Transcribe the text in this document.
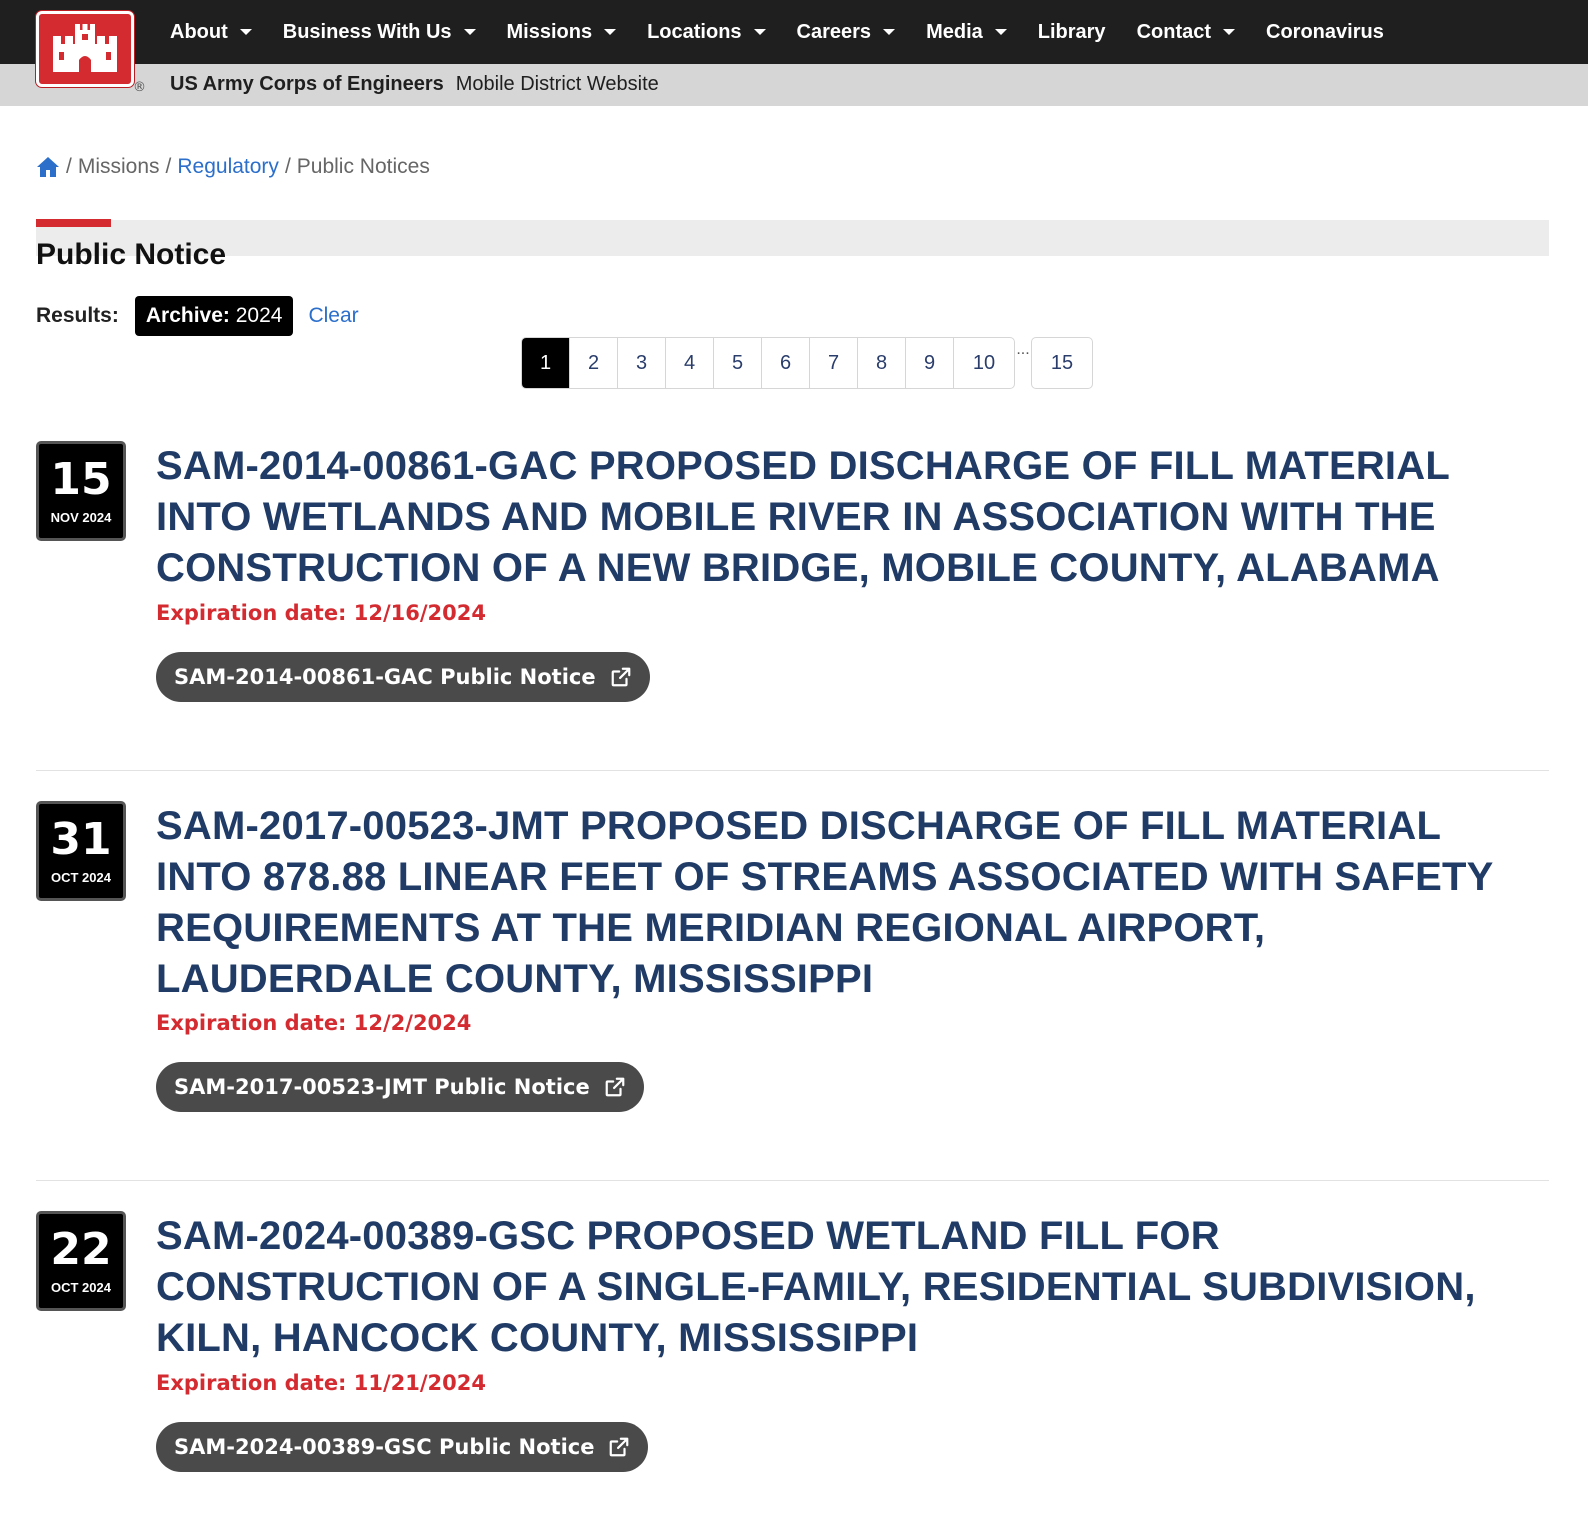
®
About	Business With Us	Missions	Locations	Careers	Media	Library Contact	Coronavirus
US Army Corps of Engineers Mobile District Website
/ Missions / Regulatory / Public Notices
Public Notice
Results:	Archive: 2024	Clear
1	2	3	4	5	6	7	8	9	10
...
15
15
NOV 2024
SAM-2014-00861-GAC PROPOSED DISCHARGE OF FILL MATERIAL INTO WETLANDS AND MOBILE RIVER IN ASSOCIATION WITH THE CONSTRUCTION OF A NEW BRIDGE, MOBILE COUNTY, ALABAMA
Expiration date: 12/16/2024
SAM-2014-00861-GAC Public Notice
31
OCT 2024
SAM-2017-00523-JMT PROPOSED DISCHARGE OF FILL MATERIAL INTO 878.88 LINEAR FEET OF STREAMS ASSOCIATED WITH SAFETY REQUIREMENTS AT THE MERIDIAN REGIONAL AIRPORT, LAUDERDALE COUNTY, MISSISSIPPI
Expiration date: 12/2/2024
SAM-2017-00523-JMT Public Notice
22
OCT 2024
SAM-2024-00389-GSC PROPOSED WETLAND FILL FOR CONSTRUCTION OF A SINGLE-FAMILY, RESIDENTIAL SUBDIVISION, KILN, HANCOCK COUNTY, MISSISSIPPI
Expiration date: 11/21/2024
SAM-2024-00389-GSC Public Notice
